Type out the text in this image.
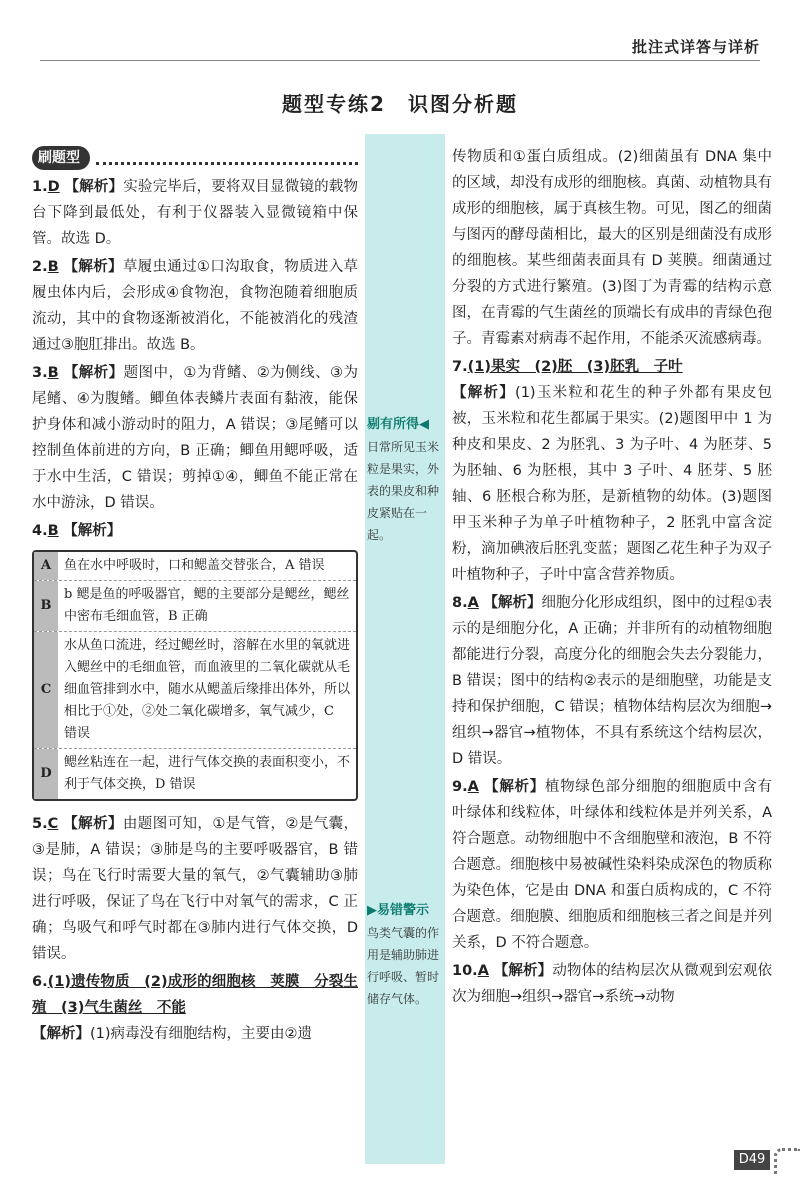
批注式详答与详析
题型专练2　识图分析题
剔有所得◀
日常所见玉米粒是果实，外表的果皮和种皮紧贴在一起。
▶易错警示
鸟类气囊的作用是辅助肺进行呼吸、暂时储存气体。
刷题型
1.D 【解析】实验完毕后，要将双目显微镜的载物台下降到最低处，有利于仪器装入显微镜箱中保管。故选 D。
2.B 【解析】草履虫通过①口沟取食，物质进入草履虫体内后，会形成④食物泡，食物泡随着细胞质流动，其中的食物逐渐被消化，不能被消化的残渣通过③胞肛排出。故选 B。
3.B 【解析】题图中，①为背鳍、②为侧线、③为尾鳍、④为腹鳍。鲫鱼体表鳞片表面有黏液，能保护身体和减小游动时的阻力，A 错误；③尾鳍可以控制鱼体前进的方向，B 正确；鲫鱼用鳃呼吸，适于水中生活，C 错误；剪掉①④，鲫鱼不能正常在水中游泳，D 错误。
4.B 【解析】
A 鱼在水中呼吸时，口和鳃盖交替张合，A 错误
B
b 鳃是鱼的呼吸器官，鳃的主要部分是鳃丝，鳃丝中密布毛细血管，B 正确
C
水从鱼口流进，经过鳃丝时，溶解在水里的氧就进入鳃丝中的毛细血管，而血液里的二氧化碳就从毛细血管排到水中，随水从鳃盖后缘排出体外，所以相比于①处，②处二氧化碳增多，氧气减少，C 错误
D
鳃丝粘连在一起，进行气体交换的表面积变小，不利于气体交换，D 错误
5.C 【解析】由题图可知，①是气管，②是气囊，③是肺，A 错误；③肺是鸟的主要呼吸器官，B 错误；鸟在飞行时需要大量的氧气，②气囊辅助③肺进行呼吸，保证了鸟在飞行中对氧气的需求，C 正确；鸟吸气和呼气时都在③肺内进行气体交换，D 错误。
6.(1)遗传物质　(2)成形的细胞核　荚膜　分裂生殖　(3)气生菌丝　不能
【解析】(1)病毒没有细胞结构，主要由②遗
传物质和①蛋白质组成。(2)细菌虽有 DNA 集中的区域，却没有成形的细胞核。真菌、动植物具有成形的细胞核，属于真核生物。可见，图乙的细菌与图丙的酵母菌相比，最大的区别是细菌没有成形的细胞核。某些细菌表面具有 D 荚膜。细菌通过分裂的方式进行繁殖。(3)图丁为青霉的结构示意图，在青霉的气生菌丝的顶端长有成串的青绿色孢子。青霉素对病毒不起作用，不能杀灭流感病毒。
7.(1)果实　(2)胚　(3)胚乳　子叶
【解析】(1)玉米粒和花生的种子外都有果皮包被，玉米粒和花生都属于果实。(2)题图甲中 1 为种皮和果皮、2 为胚乳、3 为子叶、4 为胚芽、5 为胚轴、6 为胚根，其中 3 子叶、4 胚芽、5 胚轴、6 胚根合称为胚，是新植物的幼体。(3)题图甲玉米种子为单子叶植物种子，2 胚乳中富含淀粉，滴加碘液后胚乳变蓝；题图乙花生种子为双子叶植物种子，子叶中富含营养物质。
8.A 【解析】细胞分化形成组织，图中的过程①表示的是细胞分化，A 正确；并非所有的动植物细胞都能进行分裂，高度分化的细胞会失去分裂能力，B 错误；图中的结构②表示的是细胞壁，功能是支持和保护细胞，C 错误；植物体结构层次为细胞→组织→器官→植物体，不具有系统这个结构层次，D 错误。
9.A 【解析】植物绿色部分细胞的细胞质中含有叶绿体和线粒体，叶绿体和线粒体是并列关系，A 符合题意。动物细胞中不含细胞壁和液泡，B 不符合题意。细胞核中易被碱性染料染成深色的物质称为染色体，它是由 DNA 和蛋白质构成的，C 不符合题意。细胞膜、细胞质和细胞核三者之间是并列关系，D 不符合题意。
10.A 【解析】动物体的结构层次从微观到宏观依次为细胞→组织→器官→系统→动物
D49
